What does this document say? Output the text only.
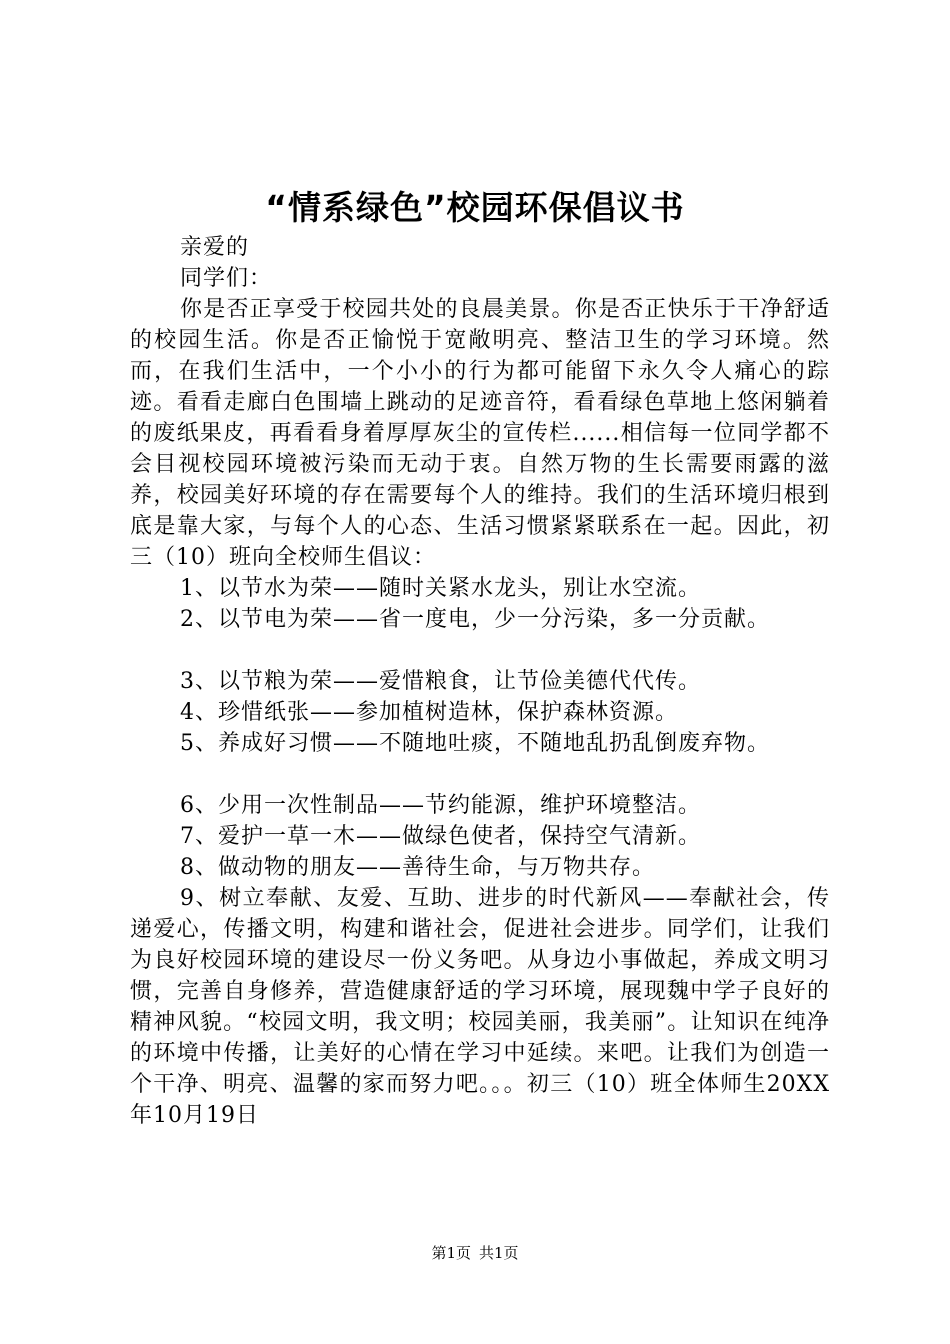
“情系绿色”校园环保倡议书
亲爱的
同学们：
你是否正享受于校园共处的良晨美景。你是否正快乐于干净舒适的校园生活。你是否正愉悦于宽敞明亮、整洁卫生的学习环境。然而，在我们生活中，一个小小的行为都可能留下永久令人痛心的踪迹。看看走廊白色围墙上跳动的足迹音符，看看绿色草地上悠闲躺着的废纸果皮，再看看身着厚厚灰尘的宣传栏......相信每一位同学都不会目视校园环境被污染而无动于衷。自然万物的生长需要雨露的滋养，校园美好环境的存在需要每个人的维持。我们的生活环境归根到底是靠大家，与每个人的心态、生活习惯紧紧联系在一起。因此，初三（10）班向全校师生倡议：
1、以节水为荣——随时关紧水龙头，别让水空流。
2、以节电为荣——省一度电，少一分污染，多一分贡献。
3、以节粮为荣——爱惜粮食，让节俭美德代代传。
4、珍惜纸张——参加植树造林，保护森林资源。
5、养成好习惯——不随地吐痰，不随地乱扔乱倒废弃物。
6、少用一次性制品——节约能源，维护环境整洁。
7、爱护一草一木——做绿色使者，保持空气清新。
8、做动物的朋友——善待生命，与万物共存。
9、树立奉献、友爱、互助、进步的时代新风——奉献社会，传递爱心，传播文明，构建和谐社会，促进社会进步。同学们，让我们为良好校园环境的建设尽一份义务吧。从身边小事做起，养成文明习惯，完善自身修养，营造健康舒适的学习环境，展现魏中学子良好的精神风貌。“校园文明，我文明；校园美丽，我美丽”。让知识在纯净的环境中传播，让美好的心情在学习中延续。来吧。让我们为创造一个干净、明亮、温馨的家而努力吧。。。初三（10）班全体师生20XX年10月19日
第1页 共1页
